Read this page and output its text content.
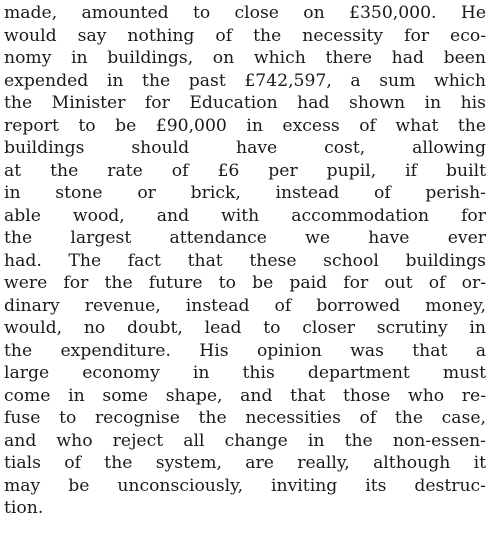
made, amounted to close on £350,000. He
would say nothing of the necessity for eco-
nomy in buildings, on which there had been
expended in the past £742,597, a sum which
the Minister for Education had shown in his
report to be £90,000 in excess of what the
buildings should have cost, allowing
at the rate of £6 per pupil, if built
in stone or brick, instead of perish-
able wood, and with accommodation for
the largest attendance we have ever
had. The fact that these school buildings
were for the future to be paid for out of or-
dinary revenue, instead of borrowed money,
would, no doubt, lead to closer scrutiny in
the expenditure. His opinion was that a
large economy in this department must
come in some shape, and that those who re-
fuse to recognise the necessities of the case,
and who reject all change in the non-essen-
tials of the system, are really, although it
may be unconsciously, inviting its destruc-
tion.
